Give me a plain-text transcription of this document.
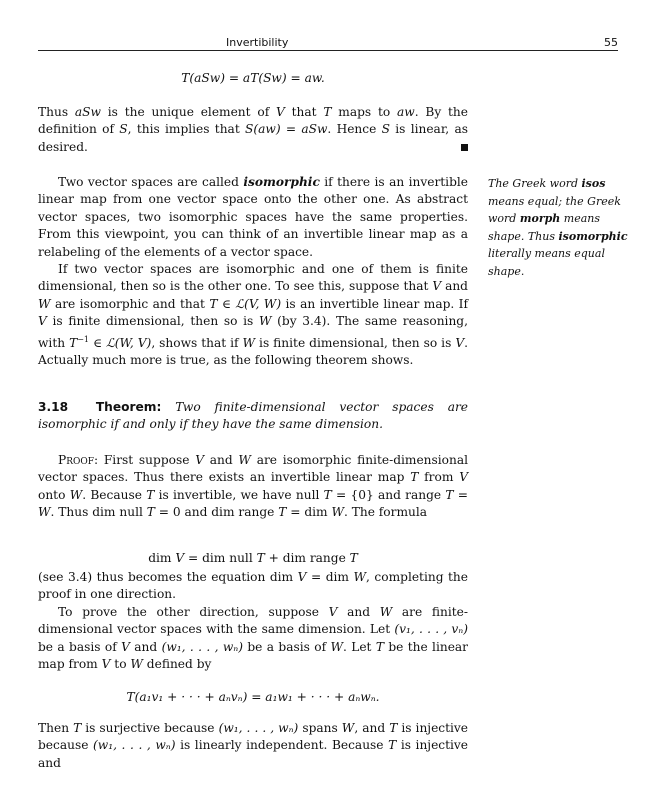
Invertibility	55

T(aSw) = aT(Sw) = aw.

Thus aSw is the unique element of V that T maps to aw. By the definition of S, this implies that S(aw) = aSw. Hence S is linear, as desired.

Two vector spaces are called isomorphic if there is an invertible linear map from one vector space onto the other one. As abstract vector spaces, two isomorphic spaces have the same properties. From this viewpoint, you can think of an invertible linear map as a relabeling of the elements of a vector space.

If two vector spaces are isomorphic and one of them is finite dimensional, then so is the other one. To see this, suppose that V and W are isomorphic and that T ∈ ℒ(V, W) is an invertible linear map. If V is finite dimensional, then so is W (by 3.4). The same reasoning, with $T^{-1}$ ∈ ℒ(W, V), shows that if W is finite dimensional, then so is V. Actually much more is true, as the following theorem shows.

The Greek word isos means equal; the Greek word morph means shape. Thus isomorphic literally means equal shape.

3.18 Theorem: Two finite-dimensional vector spaces are isomorphic if and only if they have the same dimension.

Proof: First suppose V and W are isomorphic finite-dimensional vector spaces. Thus there exists an invertible linear map T from V onto W. Because T is invertible, we have null T = {0} and range T = W. Thus dim null T = 0 and dim range T = dim W. The formula

dim V = dim null T + dim range T

(see 3.4) thus becomes the equation dim V = dim W, completing the proof in one direction.

To prove the other direction, suppose V and W are finite-dimensional vector spaces with the same dimension. Let (v₁, . . . , vₙ) be a basis of V and (w₁, . . . , wₙ) be a basis of W. Let T be the linear map from V to W defined by

T(a₁v₁ + · · · + aₙvₙ) = a₁w₁ + · · · + aₙwₙ.

Then T is surjective because (w₁, . . . , wₙ) spans W, and T is injective because (w₁, . . . , wₙ) is linearly independent. Because T is injective and
